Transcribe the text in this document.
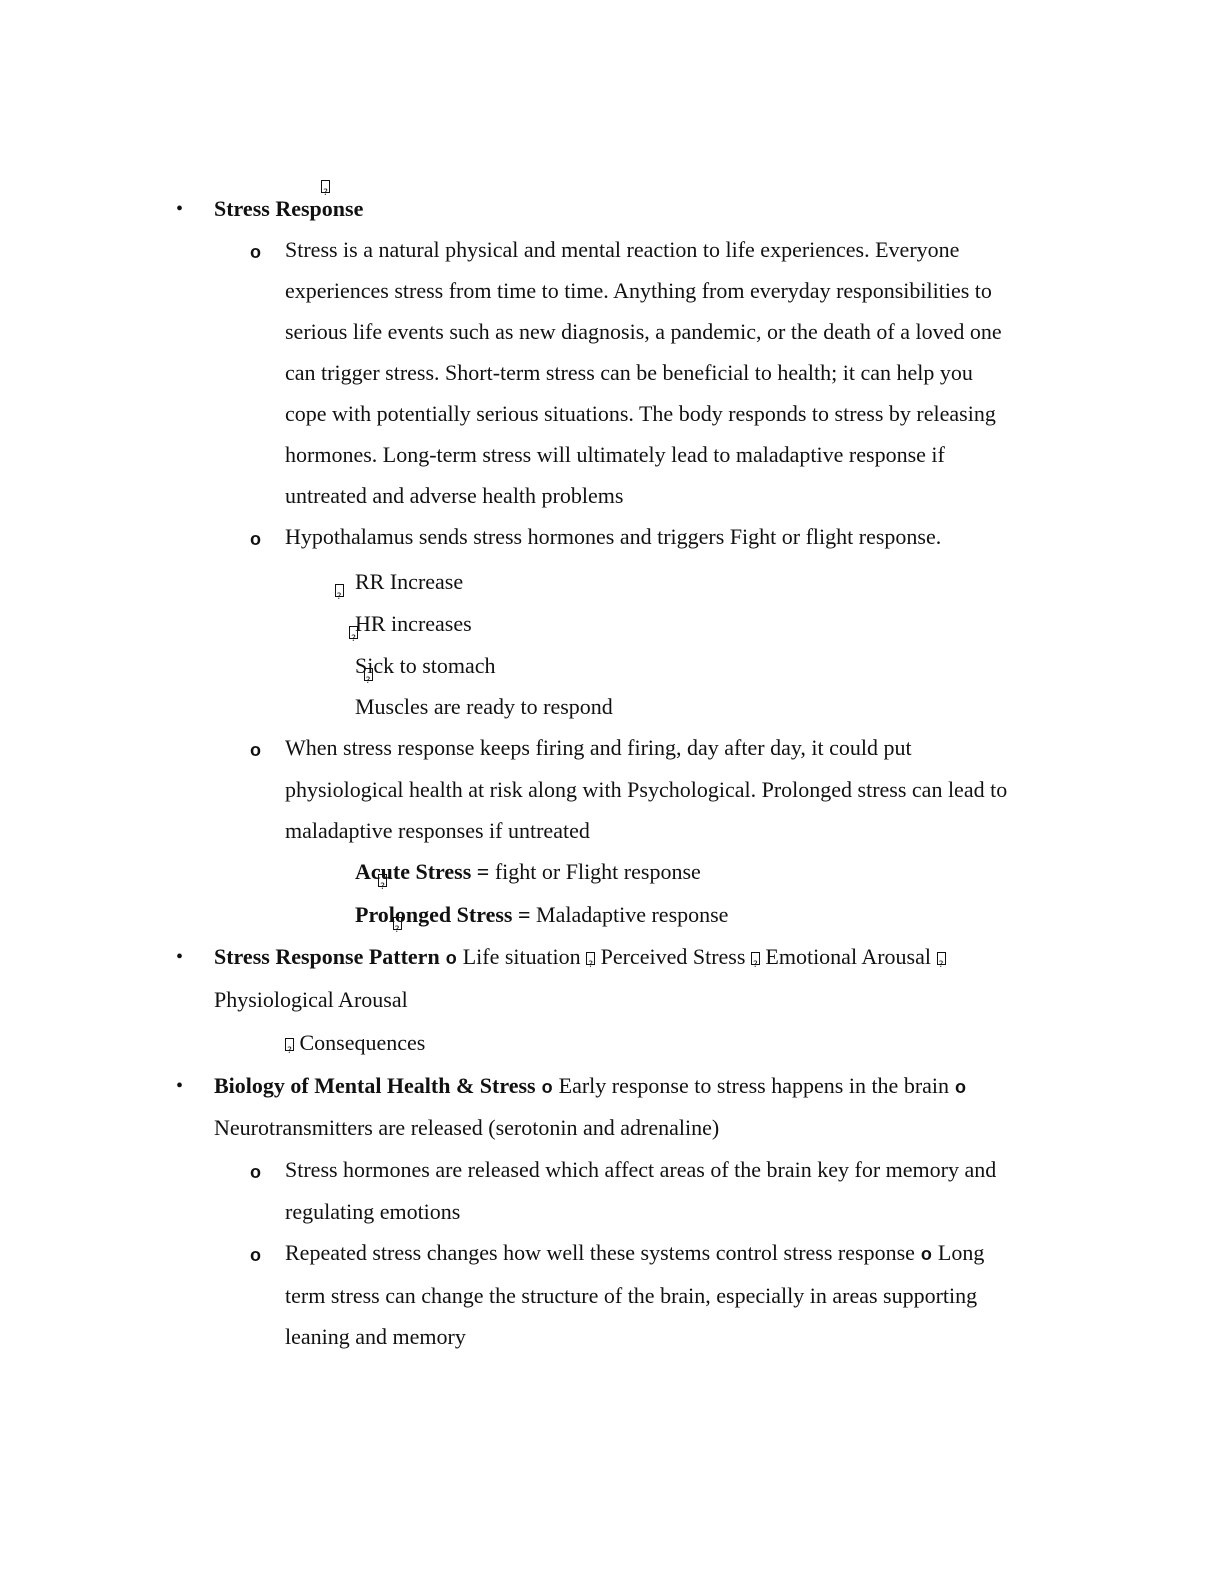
?
• Stress Response
o Stress is a natural physical and mental reaction to life experiences. Everyone
experiences stress from time to time. Anything from everyday responsibilities to
serious life events such as new diagnosis, a pandemic, or the death of a loved one
can trigger stress. Short-term stress can be beneficial to health; it can help you
cope with potentially serious situations. The body responds to stress by releasing
hormones. Long-term stress will ultimately lead to maladaptive response if
untreated and adverse health problems
o Hypothalamus sends stress hormones and triggers Fight or flight response.
?
RR Increase
?
HR increases
?
Sick to stomach
Muscles are ready to respond
o When stress response keeps firing and firing, day after day, it could put
physiological health at risk along with Psychological. Prolonged stress can lead to
maladaptive responses if untreated
?
Acute Stress = fight or Flight response
?
Prolonged Stress = Maladaptive response
• Stress Response Pattern o Life situation ? Perceived Stress ? Emotional Arousal ?
Physiological Arousal
? Consequences
• Biology of Mental Health & Stress o Early response to stress happens in the brain o
Neurotransmitters are released (serotonin and adrenaline)
o Stress hormones are released which affect areas of the brain key for memory and
regulating emotions
o Repeated stress changes how well these systems control stress response o Long
term stress can change the structure of the brain, especially in areas supporting
leaning and memory
